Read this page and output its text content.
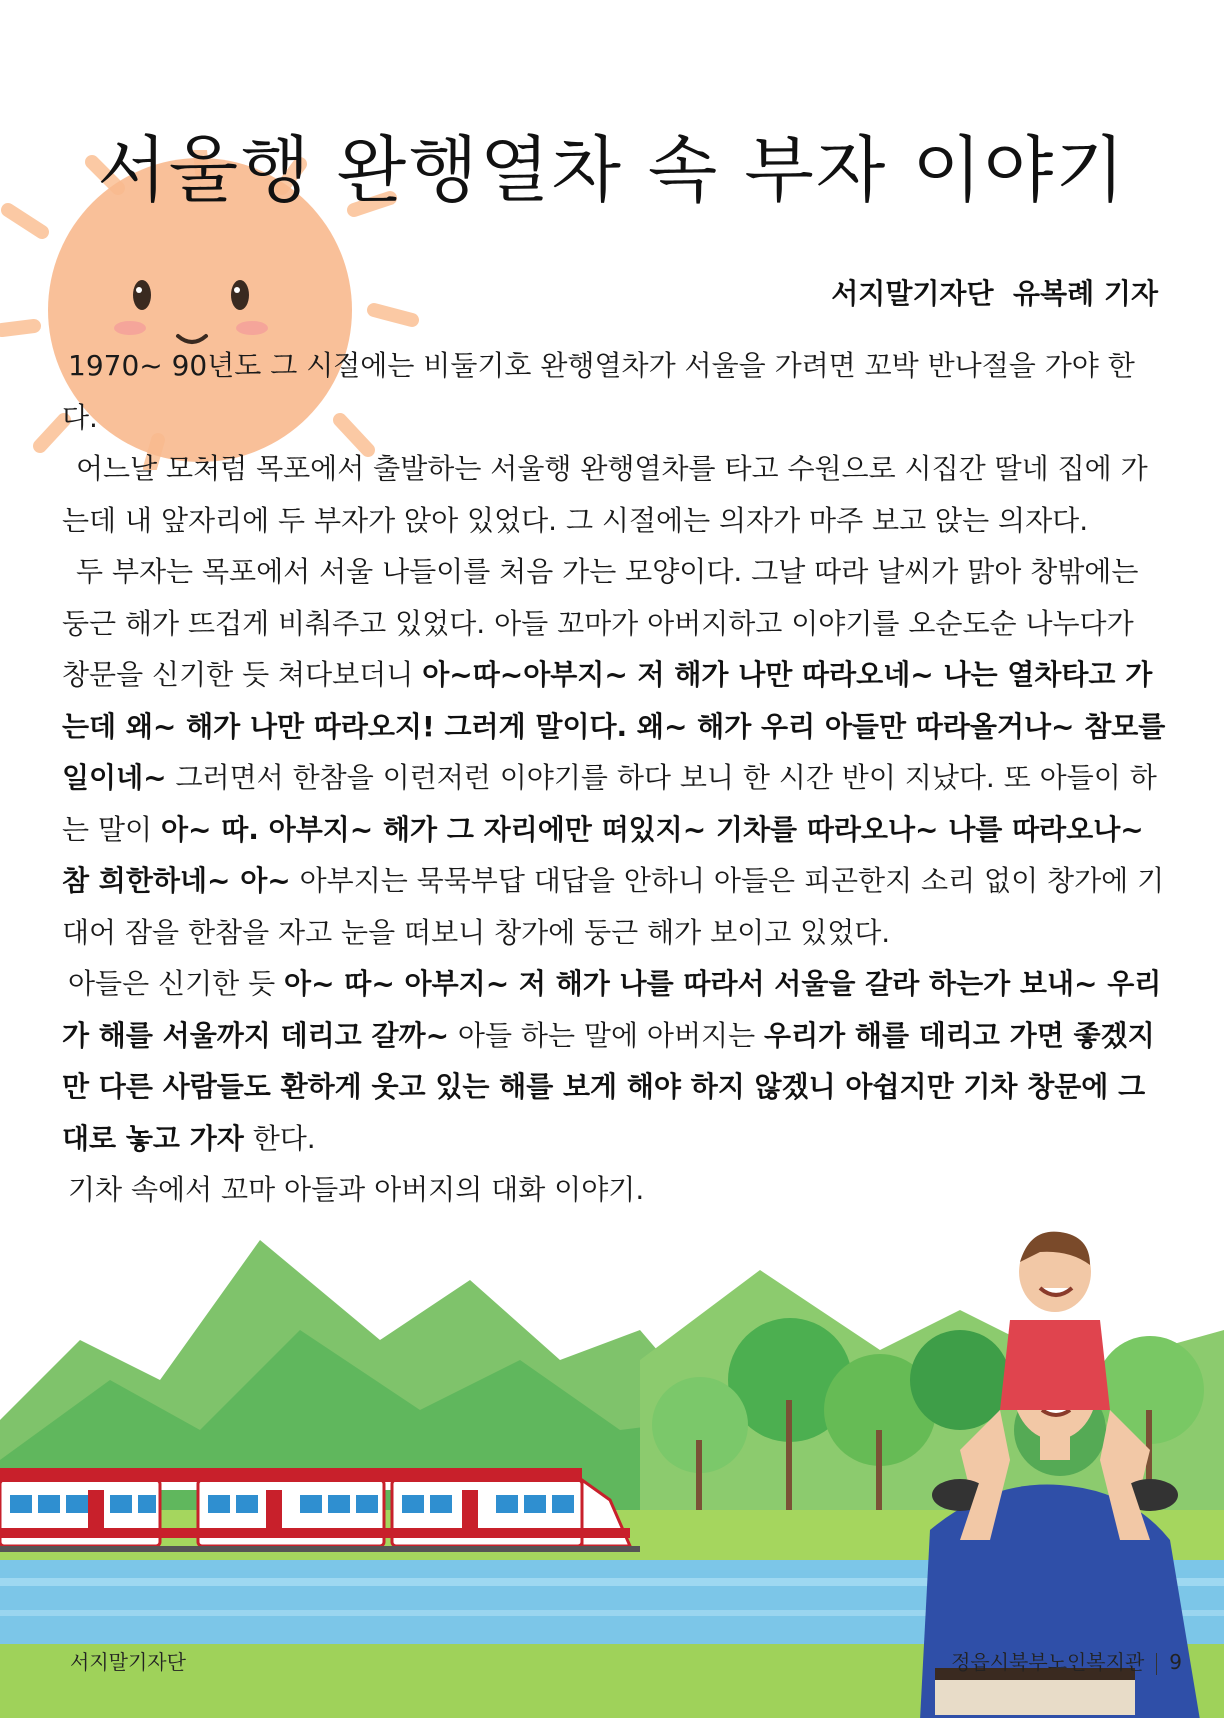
서울행 완행열차 속 부자 이야기
서지말기자단  유복례 기자

1970~ 90년도 그 시절에는 비둘기호 완행열차가 서울을 가려면 꼬박 반나절을 가야 한다.

어느날 모처럼 목포에서 출발하는 서울행 완행열차를 타고 수원으로 시집간 딸네 집에 가는데 내 앞자리에 두 부자가 앉아 있었다. 그 시절에는 의자가 마주 보고 앉는 의자다.

두 부자는 목포에서 서울 나들이를 처음 가는 모양이다. 그날 따라 날씨가 맑아 창밖에는 둥근 해가 뜨겁게 비춰주고 있었다. 아들 꼬마가 아버지하고 이야기를 오순도순 나누다가 창문을 신기한 듯 쳐다보더니 아~따~아부지~ 저 해가 나만 따라오네~ 나는 열차타고 가는데 왜~ 해가 나만 따라오지! 그러게 말이다. 왜~ 해가 우리 아들만 따라올거나~ 참모를 일이네~ 그러면서 한참을 이런저런 이야기를 하다 보니 한 시간 반이 지났다. 또 아들이 하는 말이 아~ 따. 아부지~ 해가 그 자리에만 떠있지~ 기차를 따라오나~ 나를 따라오나~ 참 희한하네~ 아~ 아부지는 묵묵부답 대답을 안하니 아들은 피곤한지 소리 없이 창가에 기대어 잠을 한참을 자고 눈을 떠보니 창가에 둥근 해가 보이고 있었다.

아들은 신기한 듯 아~ 따~ 아부지~ 저 해가 나를 따라서 서울을 갈라 하는가 보내~ 우리가 해를 서울까지 데리고 갈까~ 아들 하는 말에 아버지는 우리가 해를 데리고 가면 좋겠지만 다른 사람들도 환하게 웃고 있는 해를 보게 해야 하지 않겠니 아쉽지만 기차 창문에 그대로 놓고 가자 한다.

기차 속에서 꼬마 아들과 아버지의 대화 이야기.

서지말기자단	정읍시북부노인복지관 9
